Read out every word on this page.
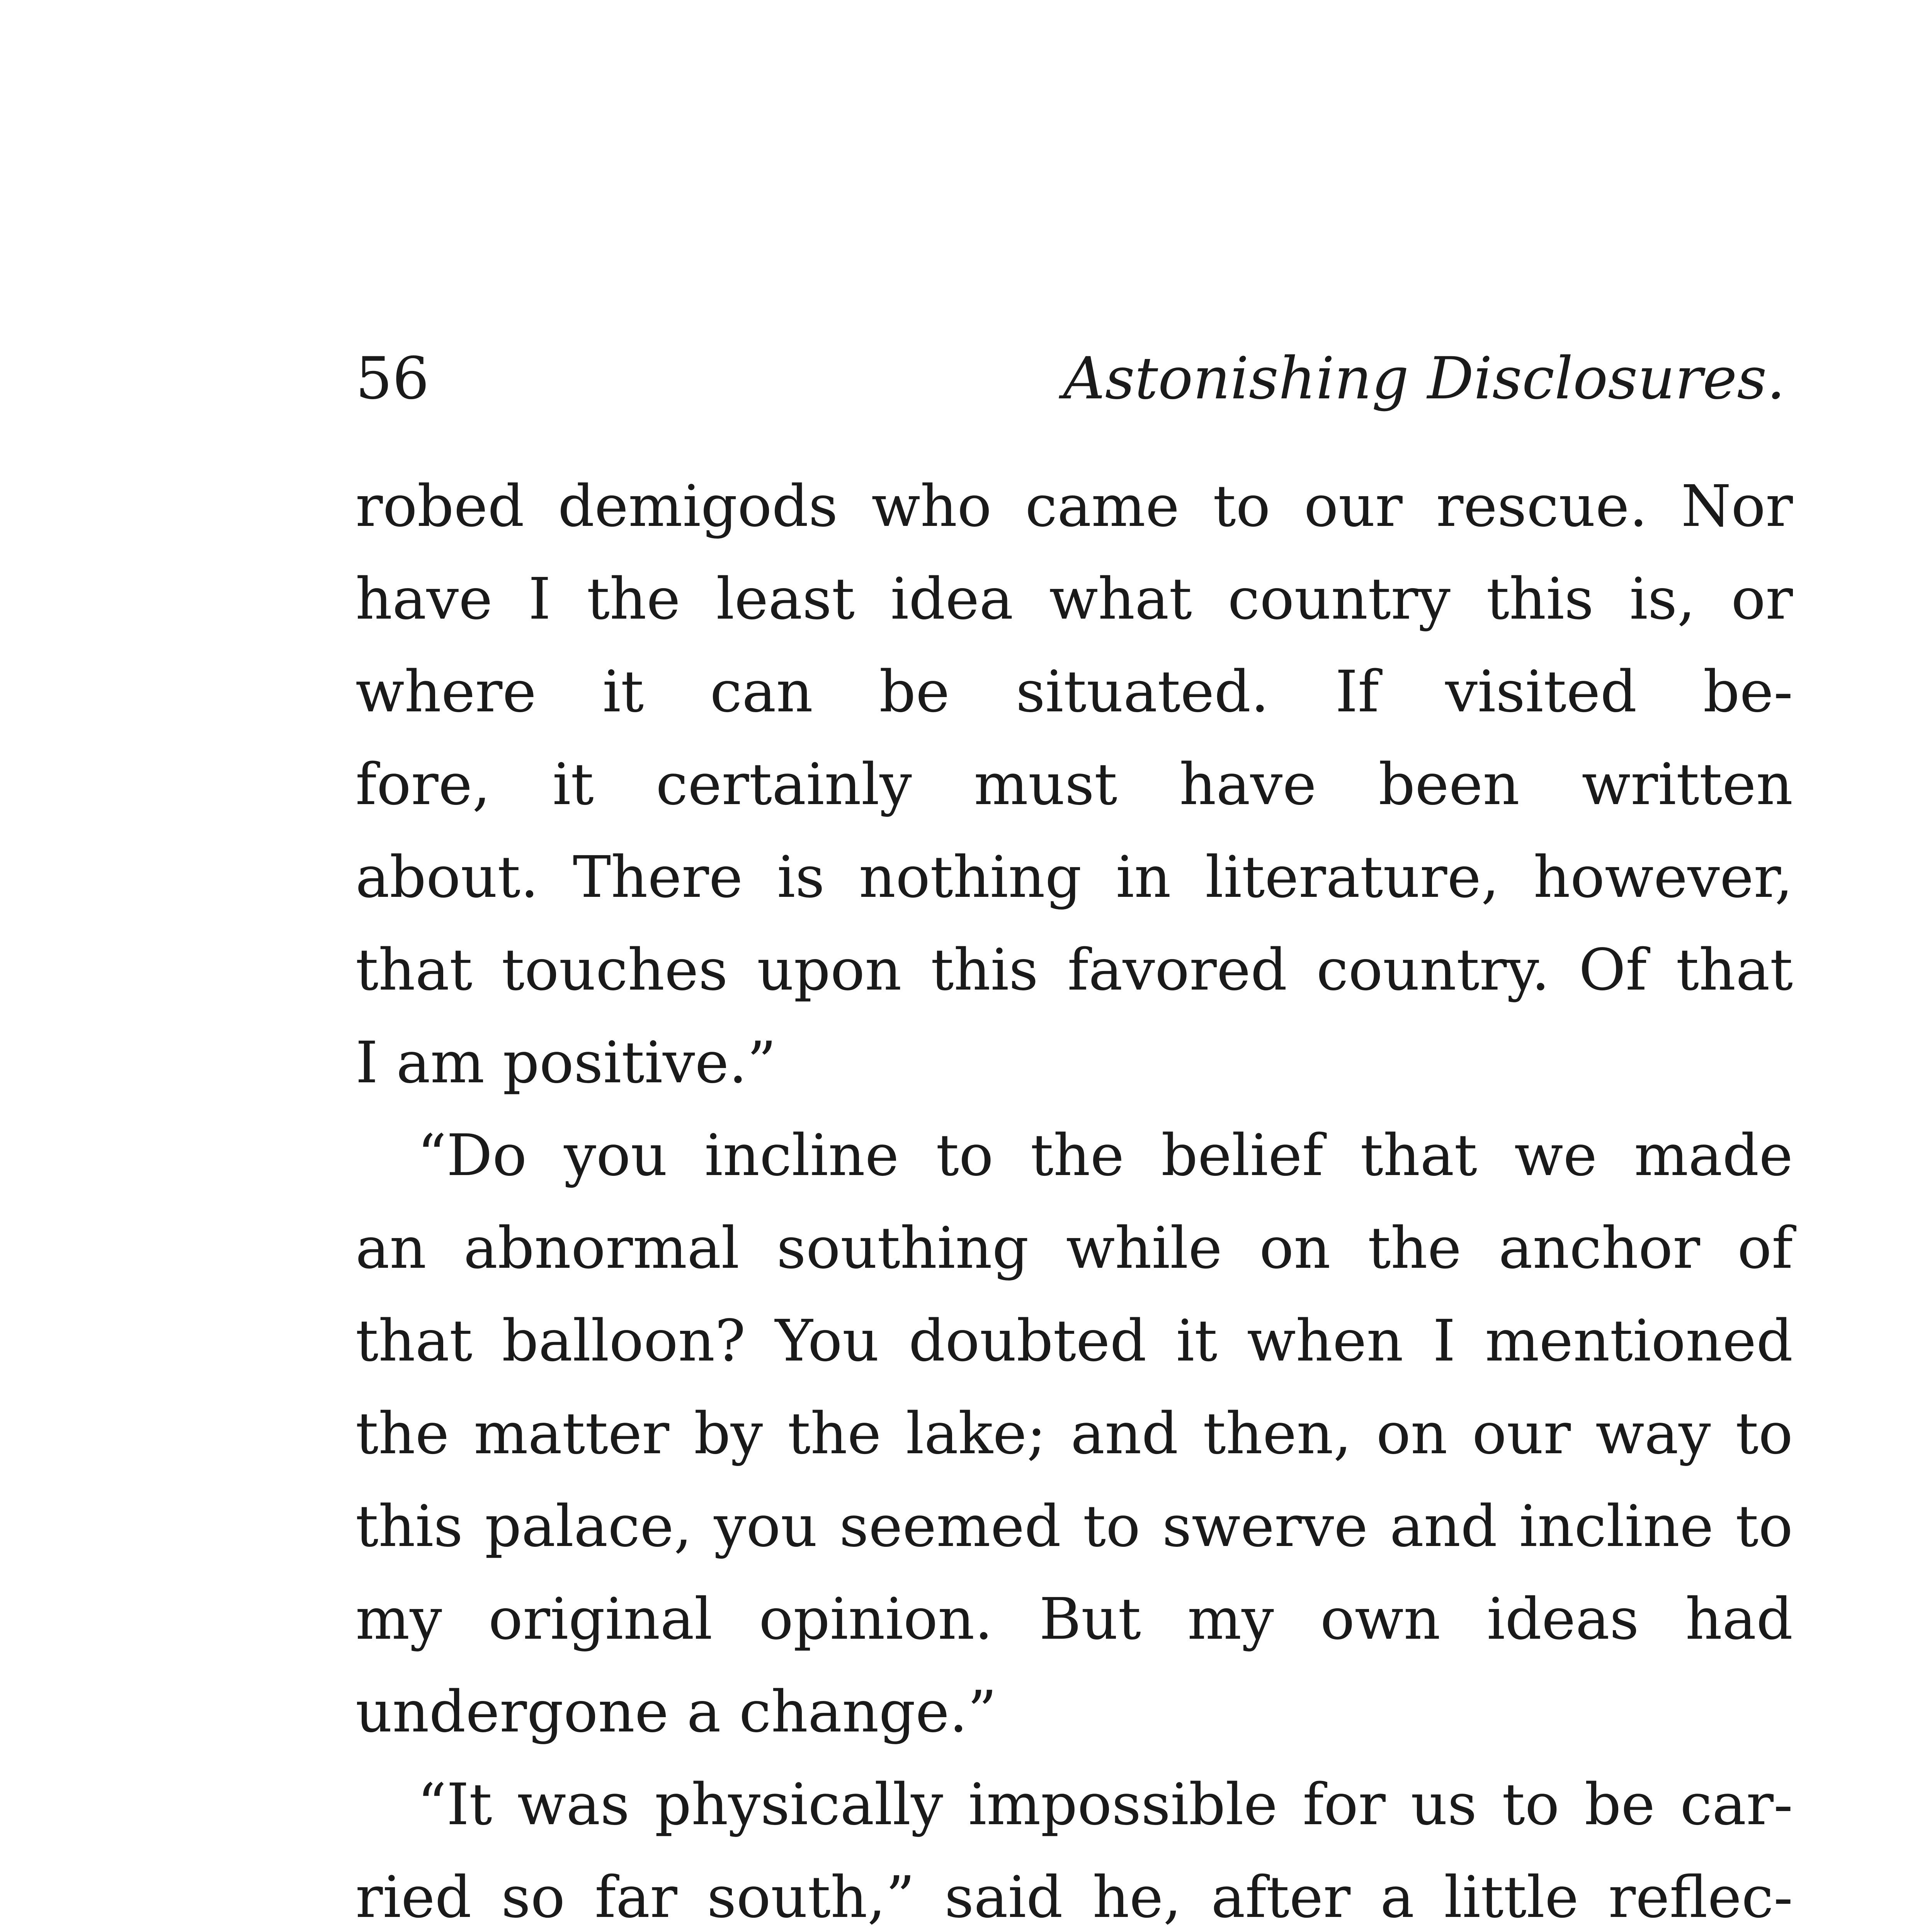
56	Astonishing Disclosures.
robed demigods who came to our rescue. Nor
have I the least idea what country this is, or
where it can be situated. If visited be-
fore, it certainly must have been written
about. There is nothing in literature, however,
that touches upon this favored country. Of that
I am positive.”
“Do you incline to the belief that we made
an abnormal southing while on the anchor of
that balloon? You doubted it when I mentioned
the matter by the lake; and then, on our way to
this palace, you seemed to swerve and incline to
my original opinion. But my own ideas had
undergone a change.”
“It was physically impossible for us to be car-
ried so far south,” said he, after a little reflec-
